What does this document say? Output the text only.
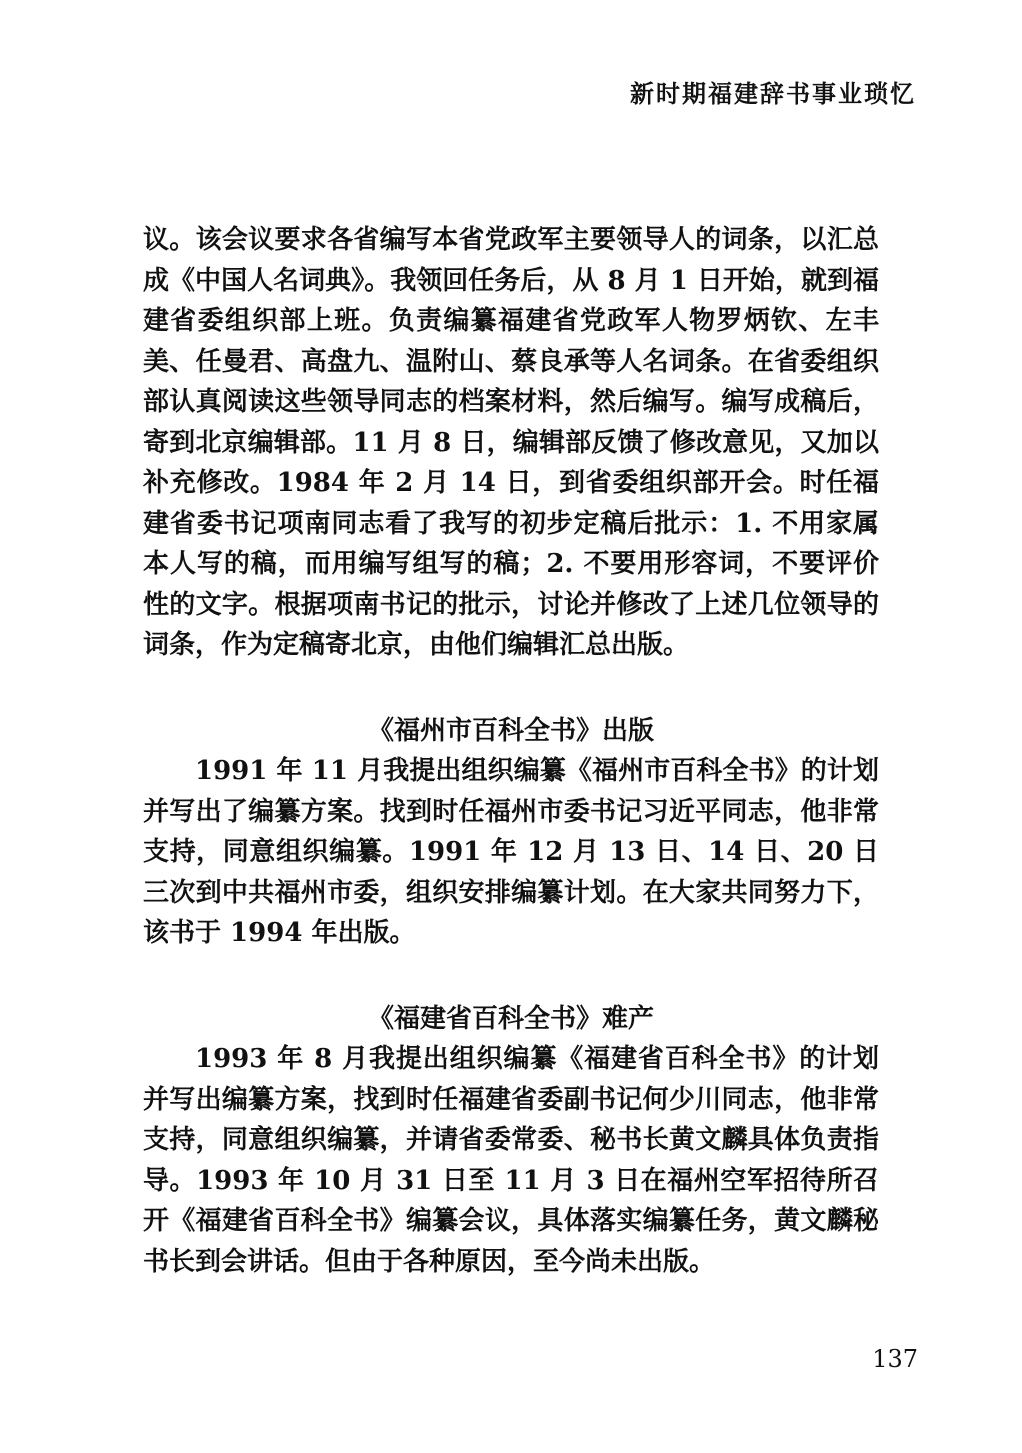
新时期福建辞书事业琐忆

议。该会议要求各省编写本省党政军主要领导人的词条，以汇总成《中国人名词典》。我领回任务后，从 8 月 1 日开始，就到福建省委组织部上班。负责编纂福建省党政军人物罗炳钦、左丰美、任曼君、高盘九、温附山、蔡良承等人名词条。在省委组织部认真阅读这些领导同志的档案材料，然后编写。编写成稿后，寄到北京编辑部。11 月 8 日，编辑部反馈了修改意见，又加以补充修改。1984 年 2 月 14 日，到省委组织部开会。时任福建省委书记项南同志看了我写的初步定稿后批示：1. 不用家属本人写的稿，而用编写组写的稿；2. 不要用形容词，不要评价性的文字。根据项南书记的批示，讨论并修改了上述几位领导的词条，作为定稿寄北京，由他们编辑汇总出版。

《福州市百科全书》出版

1991 年 11 月我提出组织编纂《福州市百科全书》的计划并写出了编纂方案。找到时任福州市委书记习近平同志，他非常支持，同意组织编纂。1991 年 12 月 13 日、14 日、20 日三次到中共福州市委，组织安排编纂计划。在大家共同努力下，该书于 1994 年出版。

《福建省百科全书》难产

1993 年 8 月我提出组织编纂《福建省百科全书》的计划并写出编纂方案，找到时任福建省委副书记何少川同志，他非常支持，同意组织编纂，并请省委常委、秘书长黄文麟具体负责指导。1993 年 10 月 31 日至 11 月 3 日在福州空军招待所召开《福建省百科全书》编纂会议，具体落实编纂任务，黄文麟秘书长到会讲话。但由于各种原因，至今尚未出版。

137
